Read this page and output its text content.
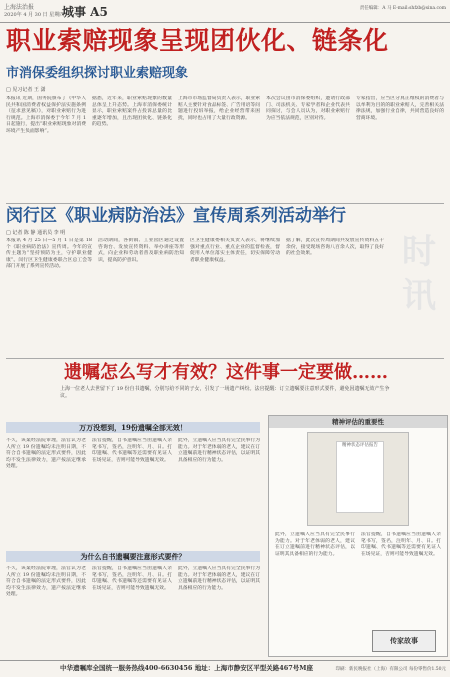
上海法治报
2020年 4 月 30 日 星期四
城事 A5	责任编辑：A 马 E-mail:shfzb@sina.com
职业索赔现象呈现团伙化、链条化
市消保委组织探讨职业索赔现象
□ 见习记者 王 潇
本报讯 近期，国务院颁布了《中华人民共和国消费者权益保护法实施条例（征求意见稿）》，对职业索赔行为进行规范。上海市消保委于今年 7 月 1 日起施行，提出“职业索赔现象对消费环境产生负面影响”。
据悉，近年来，职业索赔现象的数量总体呈上升态势。上海市消保委统计显示，职业索赔案件占投诉总量的比重逐年增加，且出现团伙化、链条化的趋势。
上海市市场监督局负责人表示，职业索赔人主要针对食品标签、广告用语等问题进行投诉举报，给企业经营带来困扰，同时也占用了大量行政资源。
本次会议由市消保委组织，邀请行政部门、司法机关、专家学者和企业代表共同探讨，与会人员认为，对职业索赔行为应当依法规范，区别对待。
专家指出，应当区分真正维权的消费者与以牟利为目的的职业索赔人，完善相关法律法规，加强行业自律，共同营造良好的营商环境。
闵行区《职业病防治法》宣传周系列活动举行
□ 记者 陈 静 通讯员 李 明
本报讯 4 月 25 日—5 月 1 日是第 18 个《职业病防治法》宣传周。今年的宣传主题为“坚持预防为主，守护职业健康”。闵行区卫生健康委联合区总工会等部门开展了系列宣传活动。
活动期间，各街镇、工业园区通过设置咨询台、发放宣传资料、举办讲座等形式，向企业和劳动者普及职业病防治知识，提高防护意识。
区卫生健康委相关负责人表示，将继续加强对重点行业、重点企业的监督检查，督促用人单位落实主体责任，切实保障劳动者职业健康权益。
据了解，此次宣传周期间共发放宣传资料五千余份，接受现场咨询八百余人次，取得了良好的社会效果。	时讯
遗嘱怎么写才有效？这件事一定要做……
上海一位老人去世留下了 19 份自书遗嘱，分别写给不同的子女，引发了一场遗产纠纷。法官提醒：订立遗嘱要注意形式要件，避免因遗嘱无效产生争议。
万万没想到，19份遗嘱全部无效！
不久，该案经法院审理，法官认为老人所立 19 份遗嘱均未注明日期，不符合自书遗嘱的法定形式要件，因此均不发生法律效力，遗产按法定继承处理。
法官提醒，自书遗嘱应当由遗嘱人亲笔书写，签名，注明年、月、日。打印遗嘱、代书遗嘱等还需要有见证人在场见证，否则可能导致遗嘱无效。
此外，立遗嘱人应当具有完全民事行为能力。对于年老体弱的老人，建议在订立遗嘱前进行精神状态评估，以证明其具备相应的行为能力。
为什么自书遗嘱要注意形式要件？
不久，该案经法院审理，法官认为老人所立 19 份遗嘱均未注明日期，不符合自书遗嘱的法定形式要件，因此均不发生法律效力，遗产按法定继承处理。
法官提醒，自书遗嘱应当由遗嘱人亲笔书写，签名，注明年、月、日。打印遗嘱、代书遗嘱等还需要有见证人在场见证，否则可能导致遗嘱无效。
此外，立遗嘱人应当具有完全民事行为能力。对于年老体弱的老人，建议在订立遗嘱前进行精神状态评估，以证明其具备相应的行为能力。
精神评估的重要性
精神状态评估报告
此外，立遗嘱人应当具有完全民事行为能力。对于年老体弱的老人，建议在订立遗嘱前进行精神状态评估，以证明其具备相应的行为能力。
法官提醒，自书遗嘱应当由遗嘱人亲笔书写，签名，注明年、月、日。打印遗嘱、代书遗嘱等还需要有见证人在场见证，否则可能导致遗嘱无效。
传家故事
中华遗嘱库全国统一服务热线400-6630456 地址：上海市静安区平型关路467号M座	印刷：新民晚报社（上海）有限公司 每份零售价1.50元
